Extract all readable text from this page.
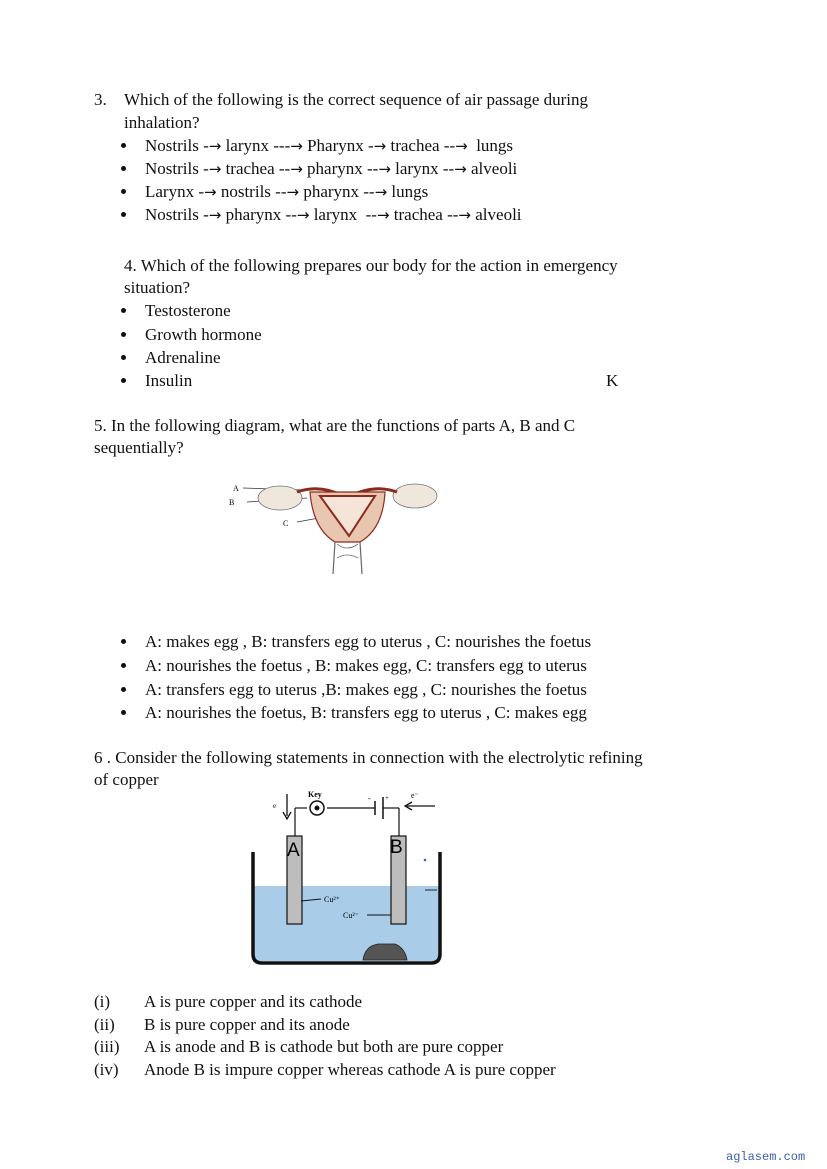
3. Which of the following is the correct sequence of air passage during
inhalation?
Nostrils -→ larynx ---→ Pharynx -→ trachea --→  lungs
Nostrils -→ trachea --→ pharynx --→ larynx --→ alveoli
Larynx -→ nostrils --→ pharynx --→ lungs
Nostrils -→ pharynx --→ larynx  --→ trachea --→ alveoli
4. Which of the following prepares our body for the action in emergency
situation?
Testosterone
Growth hormone
Adrenaline
Insulin	K
5. In the following diagram, what are the functions of parts A, B and C
sequentially?
A
B
C
A: makes egg , B: transfers egg to uterus , C: nourishes the foetus
A: nourishes the foetus , B: makes egg, C: transfers egg to uterus
A: transfers egg to uterus ,B: makes egg , C: nourishes the foetus
A: nourishes the foetus, B: transfers egg to uterus , C: makes egg
6 . Consider the following statements in connection with the electrolytic refining
of copper
A	B
Key	- +
e
e⁻
Cu²⁺
Cu²⁻
(i) A is pure copper and its cathode
(ii) B is pure copper and its anode
(iii) A is anode and B is cathode but both are pure copper
(iv) Anode B is impure copper whereas cathode A is pure copper
aglasem.com
